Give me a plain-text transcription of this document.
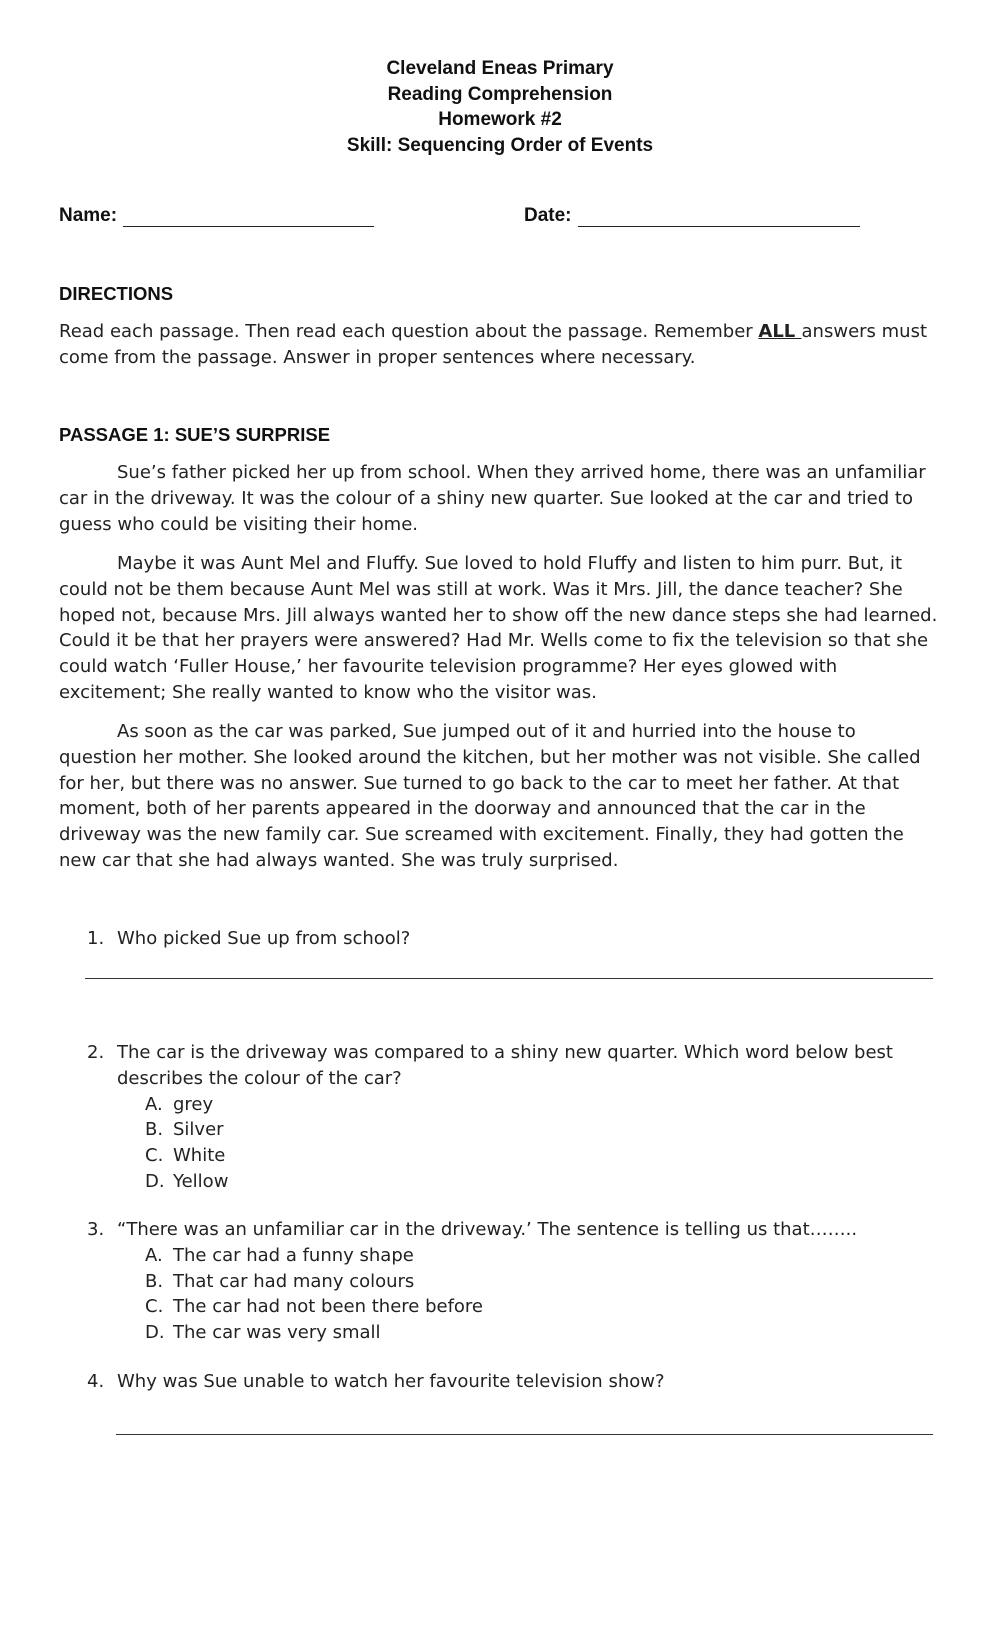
Cleveland Eneas Primary
Reading Comprehension
Homework #2
Skill: Sequencing Order of Events
Name:	Date:
DIRECTIONS

Read each passage. Then read each question about the passage. Remember ALL answers must come from the passage. Answer in proper sentences where necessary.

PASSAGE 1: SUE’S SURPRISE

Sue’s father picked her up from school. When they arrived home, there was an unfamiliar car in the driveway. It was the colour of a shiny new quarter. Sue looked at the car and tried to guess who could be visiting their home.

Maybe it was Aunt Mel and Fluffy. Sue loved to hold Fluffy and listen to him purr. But, it could not be them because Aunt Mel was still at work. Was it Mrs. Jill, the dance teacher? She hoped not, because Mrs. Jill always wanted her to show off the new dance steps she had learned. Could it be that her prayers were answered? Had Mr. Wells come to fix the television so that she could watch ‘Fuller House,’ her favourite television programme? Her eyes glowed with excitement; She really wanted to know who the visitor was.

As soon as the car was parked, Sue jumped out of it and hurried into the house to question her mother. She looked around the kitchen, but her mother was not visible. She called for her, but there was no answer. Sue turned to go back to the car to meet her father. At that moment, both of her parents appeared in the doorway and announced that the car in the driveway was the new family car. Sue screamed with excitement. Finally, they had gotten the new car that she had always wanted. She was truly surprised.

1. Who picked Sue up from school?
2. The car is the driveway was compared to a shiny new quarter. Which word below best describes the colour of the car?
A. grey
B. Silver
C. White
D. Yellow
3. “There was an unfamiliar car in the driveway.’ The sentence is telling us that……..
A. The car had a funny shape
B. That car had many colours
C. The car had not been there before
D. The car was very small
4. Why was Sue unable to watch her favourite television show?
